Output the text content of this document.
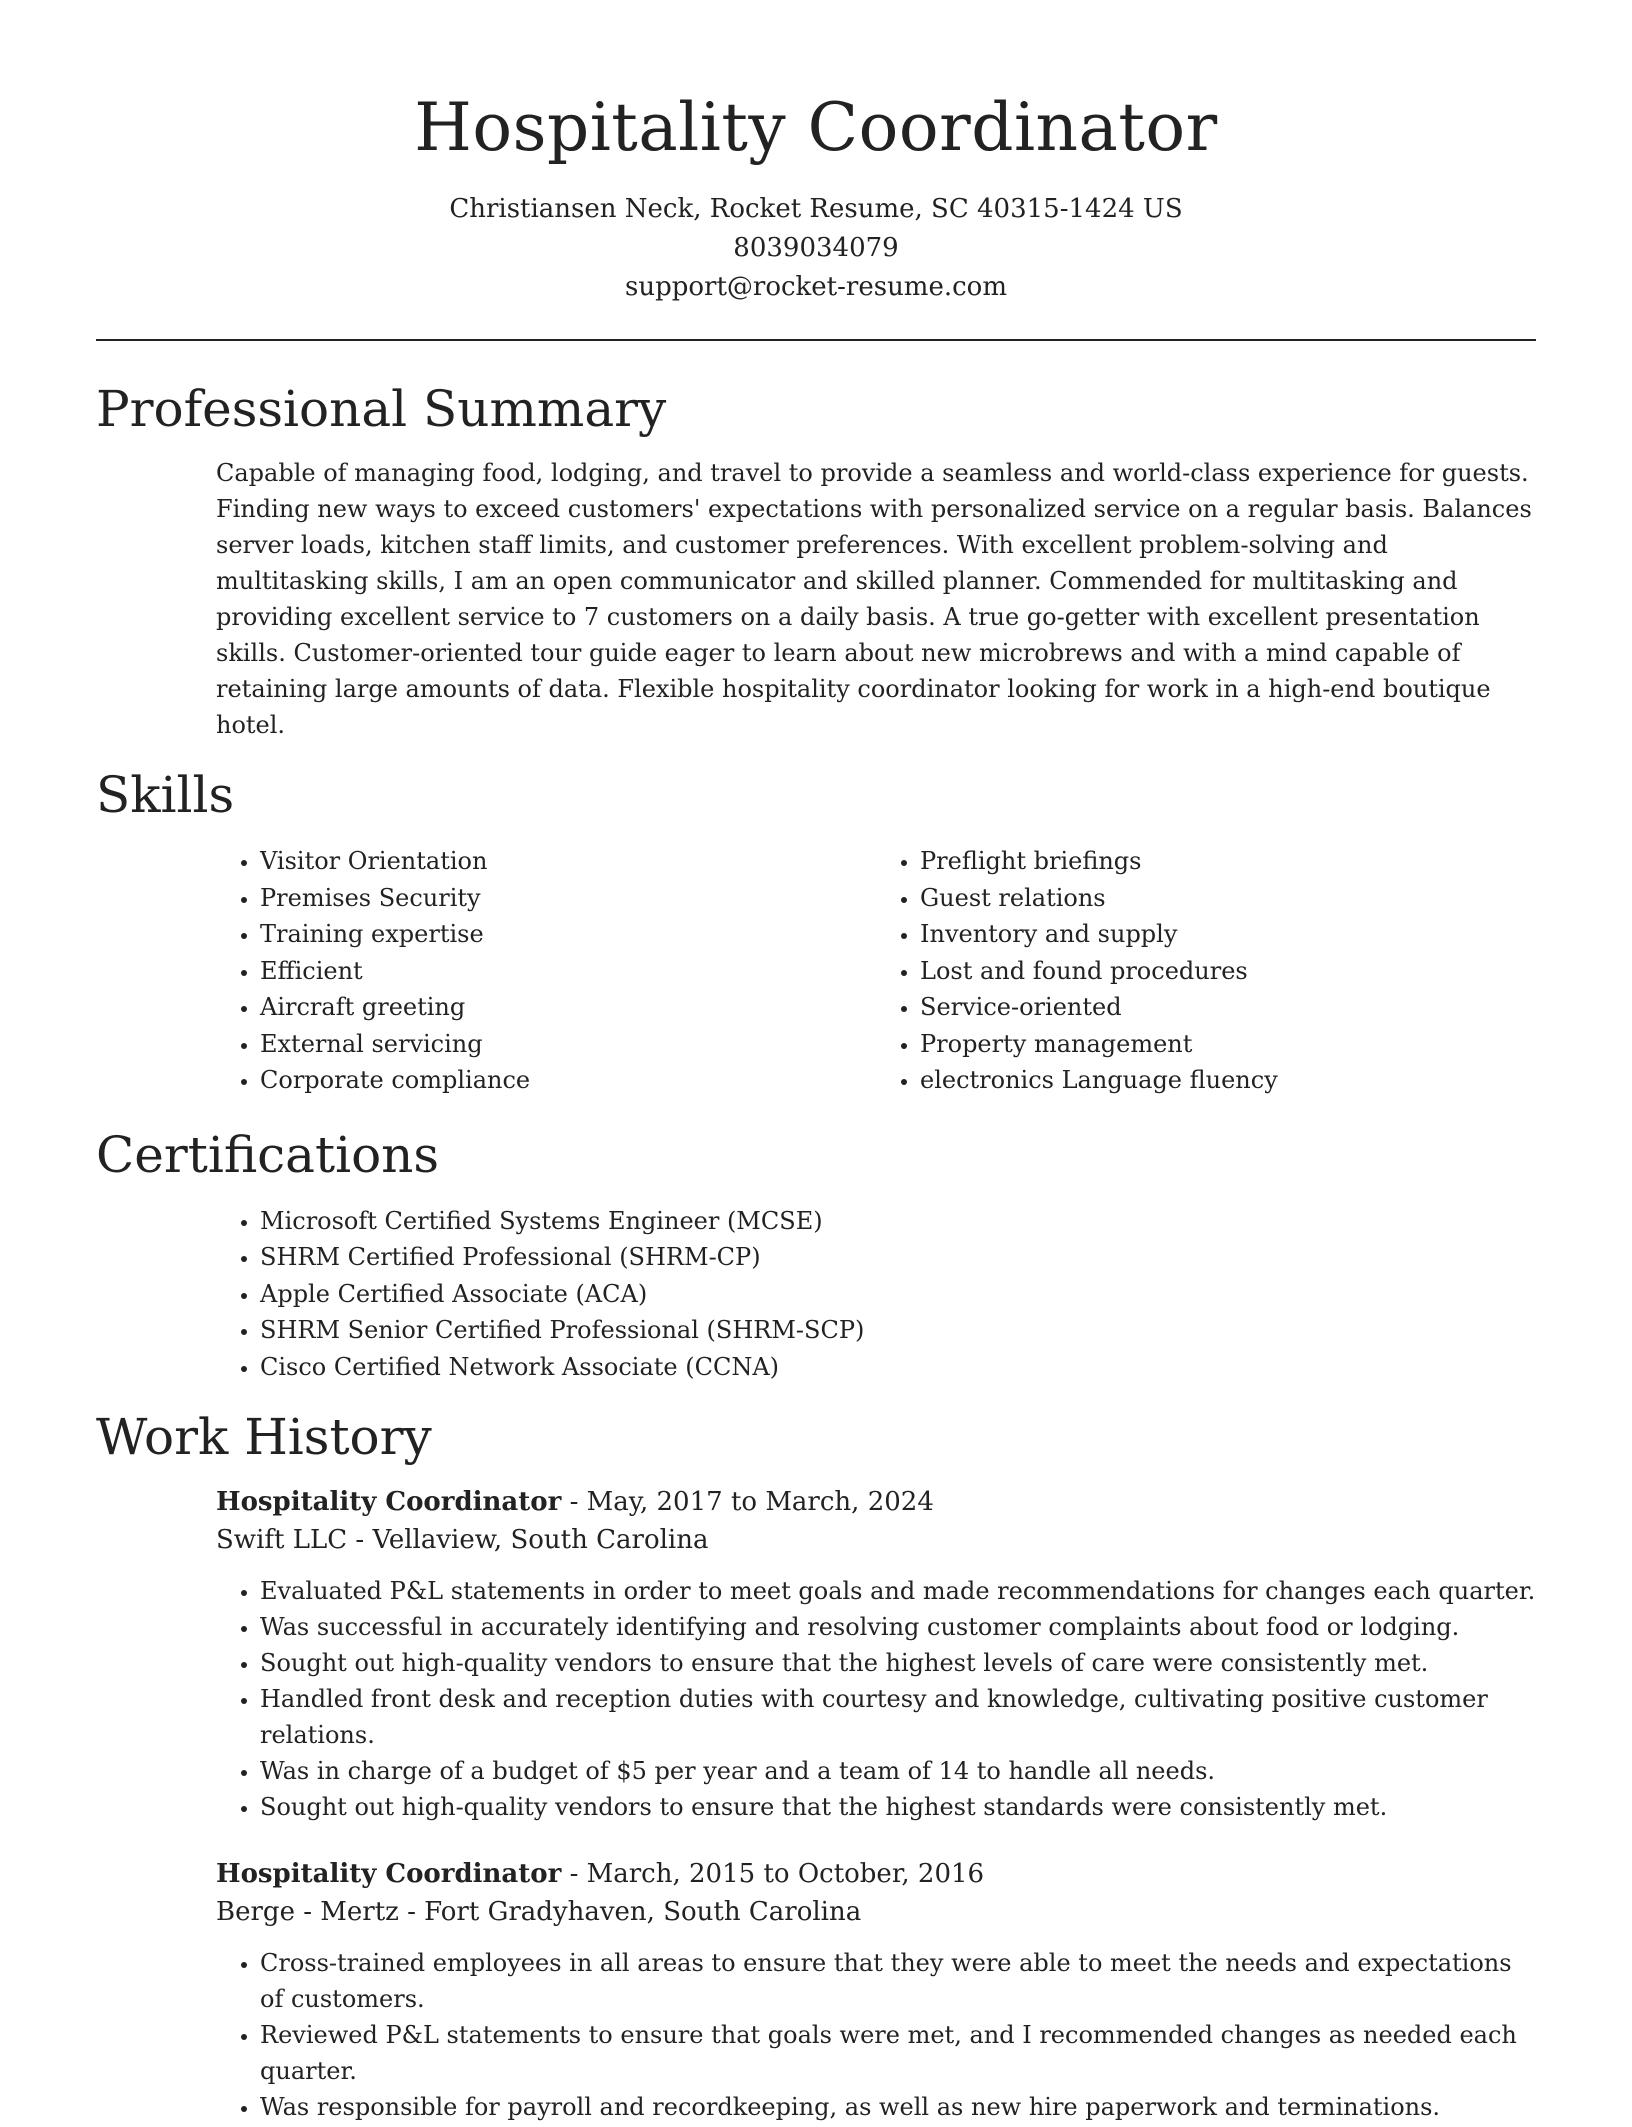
Hospitality Coordinator
Christiansen Neck, Rocket Resume, SC 40315-1424 US
8039034079
support@rocket-resume.com
Professional Summary

Capable of managing food, lodging, and travel to provide a seamless and world-class experience for guests. Finding new ways to exceed customers' expectations with personalized service on a regular basis. Balances server loads, kitchen staff limits, and customer preferences. With excellent problem-solving and multitasking skills, I am an open communicator and skilled planner. Commended for multitasking and providing excellent service to 7 customers on a daily basis. A true go-getter with excellent presentation skills. Customer-oriented tour guide eager to learn about new microbrews and with a mind capable of retaining large amounts of data. Flexible hospitality coordinator looking for work in a high-end boutique hotel.

Skills
• Visitor Orientation
• Premises Security
• Training expertise
• Efficient
• Aircraft greeting
• External servicing
• Corporate compliance
• Preflight briefings
• Guest relations
• Inventory and supply
• Lost and found procedures
• Service-oriented
• Property management
• electronics Language fluency
Certifications
• Microsoft Certified Systems Engineer (MCSE)
• SHRM Certified Professional (SHRM-CP)
• Apple Certified Associate (ACA)
• SHRM Senior Certified Professional (SHRM-SCP)
• Cisco Certified Network Associate (CCNA)
Work History
Hospitality Coordinator - May, 2017 to March, 2024
Swift LLC - Vellaview, South Carolina
• Evaluated P&L statements in order to meet goals and made recommendations for changes each quarter.
• Was successful in accurately identifying and resolving customer complaints about food or lodging.
• Sought out high-quality vendors to ensure that the highest levels of care were consistently met.
• Handled front desk and reception duties with courtesy and knowledge, cultivating positive customer relations.
• Was in charge of a budget of $5 per year and a team of 14 to handle all needs.
• Sought out high-quality vendors to ensure that the highest standards were consistently met.
Hospitality Coordinator - March, 2015 to October, 2016
Berge - Mertz - Fort Gradyhaven, South Carolina
• Cross-trained employees in all areas to ensure that they were able to meet the needs and expectations of customers.
• Reviewed P&L statements to ensure that goals were met, and I recommended changes as needed each quarter.
• Was responsible for payroll and recordkeeping, as well as new hire paperwork and terminations.
